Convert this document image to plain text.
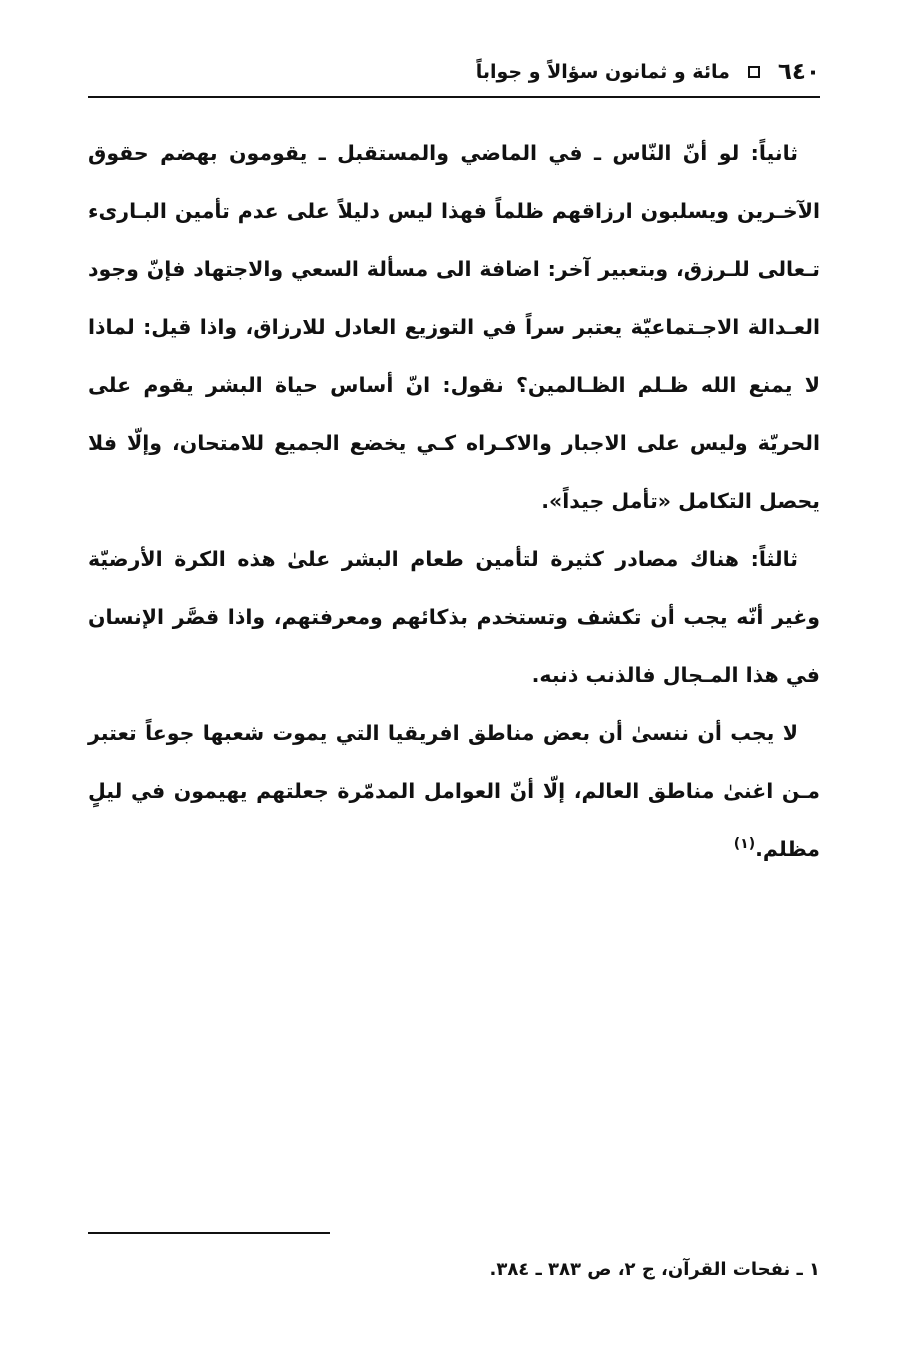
٦٤٠
مائة و ثمانون سؤالاً و جواباً

ثانياً: لو أنّ النّاس ـ في الماضي والمستقبل ـ يقومون بهضم حقوق الآخـرين ويسلبون ارزاقهم ظلماً فهذا ليس دليلاً على عدم تأمين البـاریء تـعالى للـرزق، وبتعبير آخر: اضافة الى مسألة السعي والاجتهاد فإنّ وجود العـدالة الاجـتماعيّة يعتبر سراً في التوزيع العادل للارزاق، واذا قيل: لماذا لا يمنع الله ظـلم الظـالمين؟ نقول: انّ أساس حياة البشر يقوم على الحريّة وليس على الاجبار والاكـراه كـي يخضع الجميع للامتحان، وإلّا فلا يحصل التكامل «تأمل جيداً».

ثالثاً: هناك مصادر كثيرة لتأمين طعام البشر علىٰ هذه الكرة الأرضيّة وغير أنّه يجب أن تكشف وتستخدم بذكائهم ومعرفتهم، واذا قصَّر الإنسان في هذا المـجال فالذنب ذنبه.

لا يجب أن ننسىٰ أن بعض مناطق افريقيا التي يموت شعبها جوعاً تعتبر مـن اغنىٰ مناطق العالم، إلّا أنّ العوامل المدمّرة جعلتهم يهيمون في ليلٍ مظلم.$^{(١)}$

١ ـ نفحات القرآن، ج ٢، ص ٣٨٣ ـ ٣٨٤.
